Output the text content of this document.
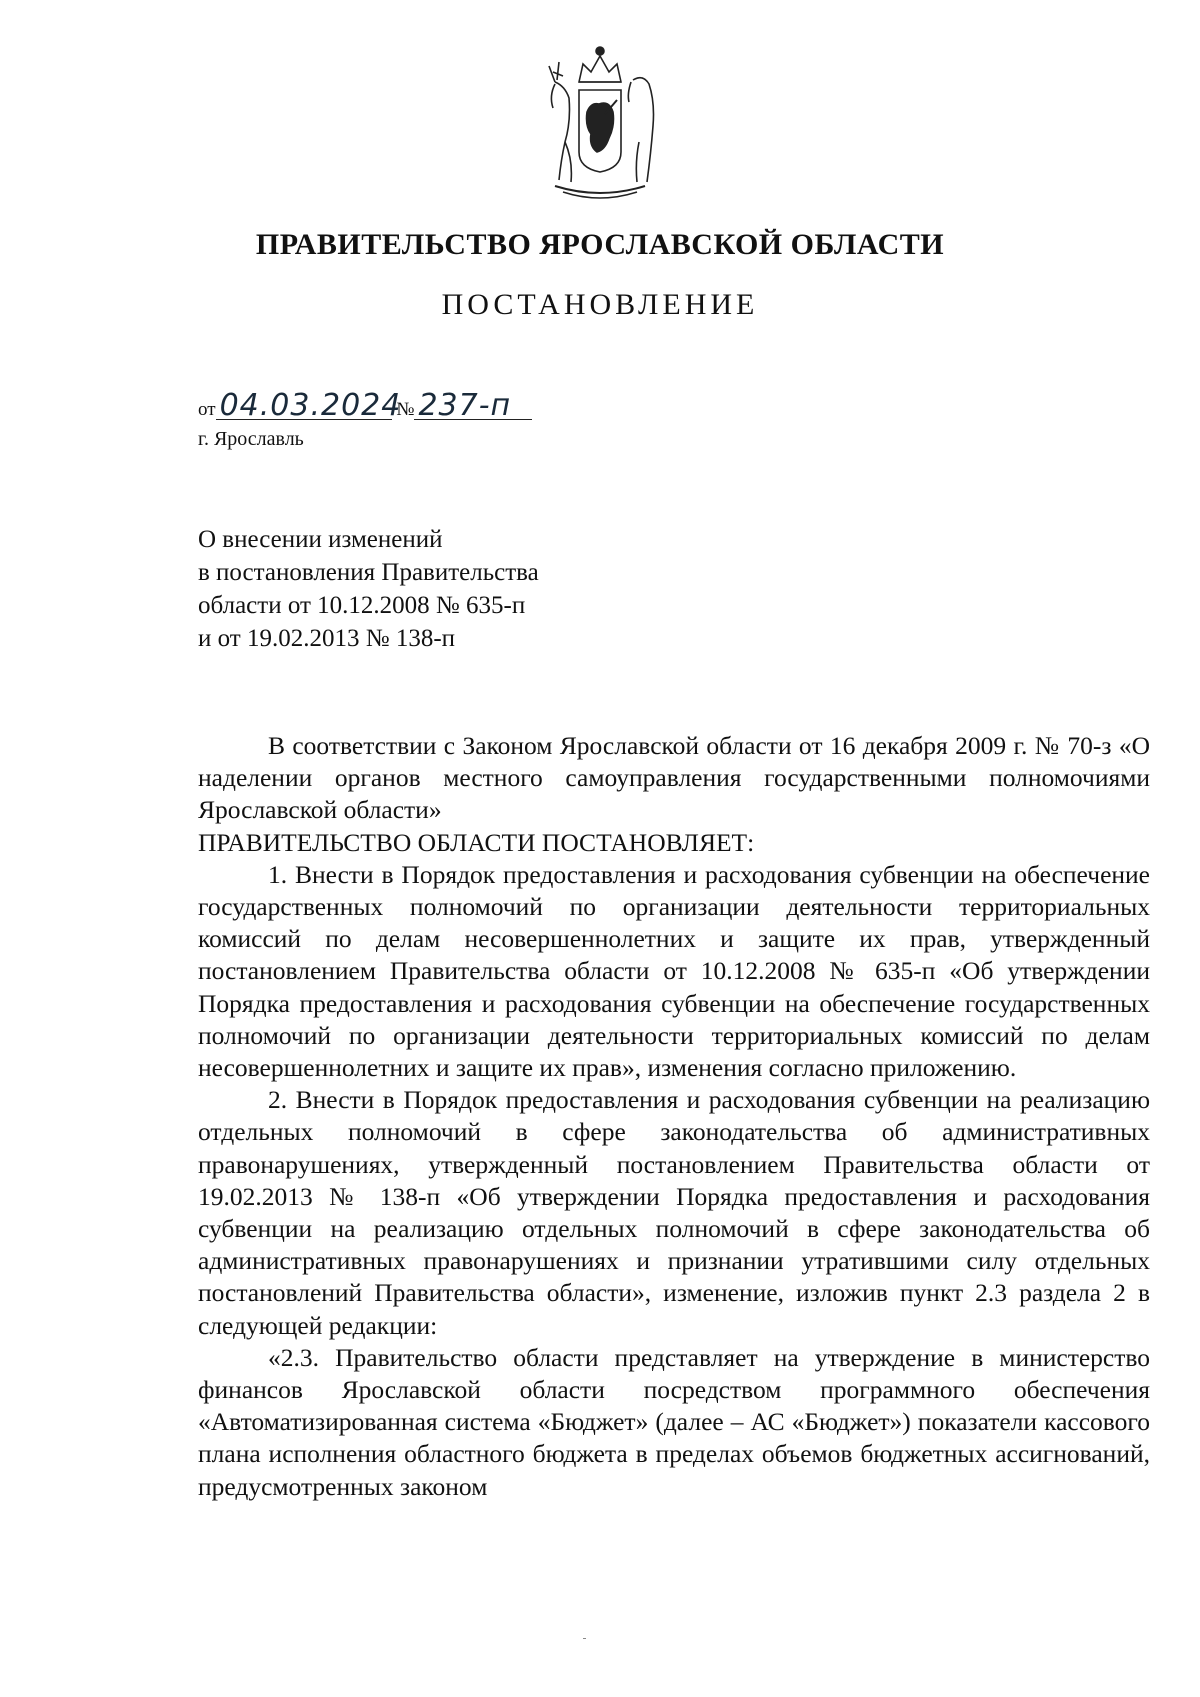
ПРАВИТЕЛЬСТВО ЯРОСЛАВСКОЙ ОБЛАСТИ
ПОСТАНОВЛЕНИЕ
от 04.03.2024 № 237-п
г. Ярославль
О внесении изменений
в постановления Правительства
области от 10.12.2008 № 635-п
и от 19.02.2013 № 138-п

В соответствии с Законом Ярославской области от 16 декабря 2009 г. № 70-з «О наделении органов местного самоуправления государственными полномочиями Ярославской области»

ПРАВИТЕЛЬСТВО ОБЛАСТИ ПОСТАНОВЛЯЕТ:

1. Внести в Порядок предоставления и расходования субвенции на обеспечение государственных полномочий по организации деятельности территориальных комиссий по делам несовершеннолетних и защите их прав, утвержденный постановлением Правительства области от 10.12.2008 № 635-п «Об утверждении Порядка предоставления и расходования субвенции на обеспечение государственных полномочий по организации деятельности территориальных комиссий по делам несовершеннолетних и защите их прав», изменения согласно приложению.

2. Внести в Порядок предоставления и расходования субвенции на реализацию отдельных полномочий в сфере законодательства об административных правонарушениях, утвержденный постановлением Правительства области от 19.02.2013 № 138-п «Об утверждении Порядка предоставления и расходования субвенции на реализацию отдельных полномочий в сфере законодательства об административных правонарушениях и признании утратившими силу отдельных постановлений Правительства области», изменение, изложив пункт 2.3 раздела 2 в следующей редакции:

«2.3. Правительство области представляет на утверждение в министерство финансов Ярославской области посредством программного обеспечения «Автоматизированная система «Бюджет» (далее – АС «Бюджет») показатели кассового плана исполнения областного бюджета в пределах объемов бюджетных ассигнований, предусмотренных законом
